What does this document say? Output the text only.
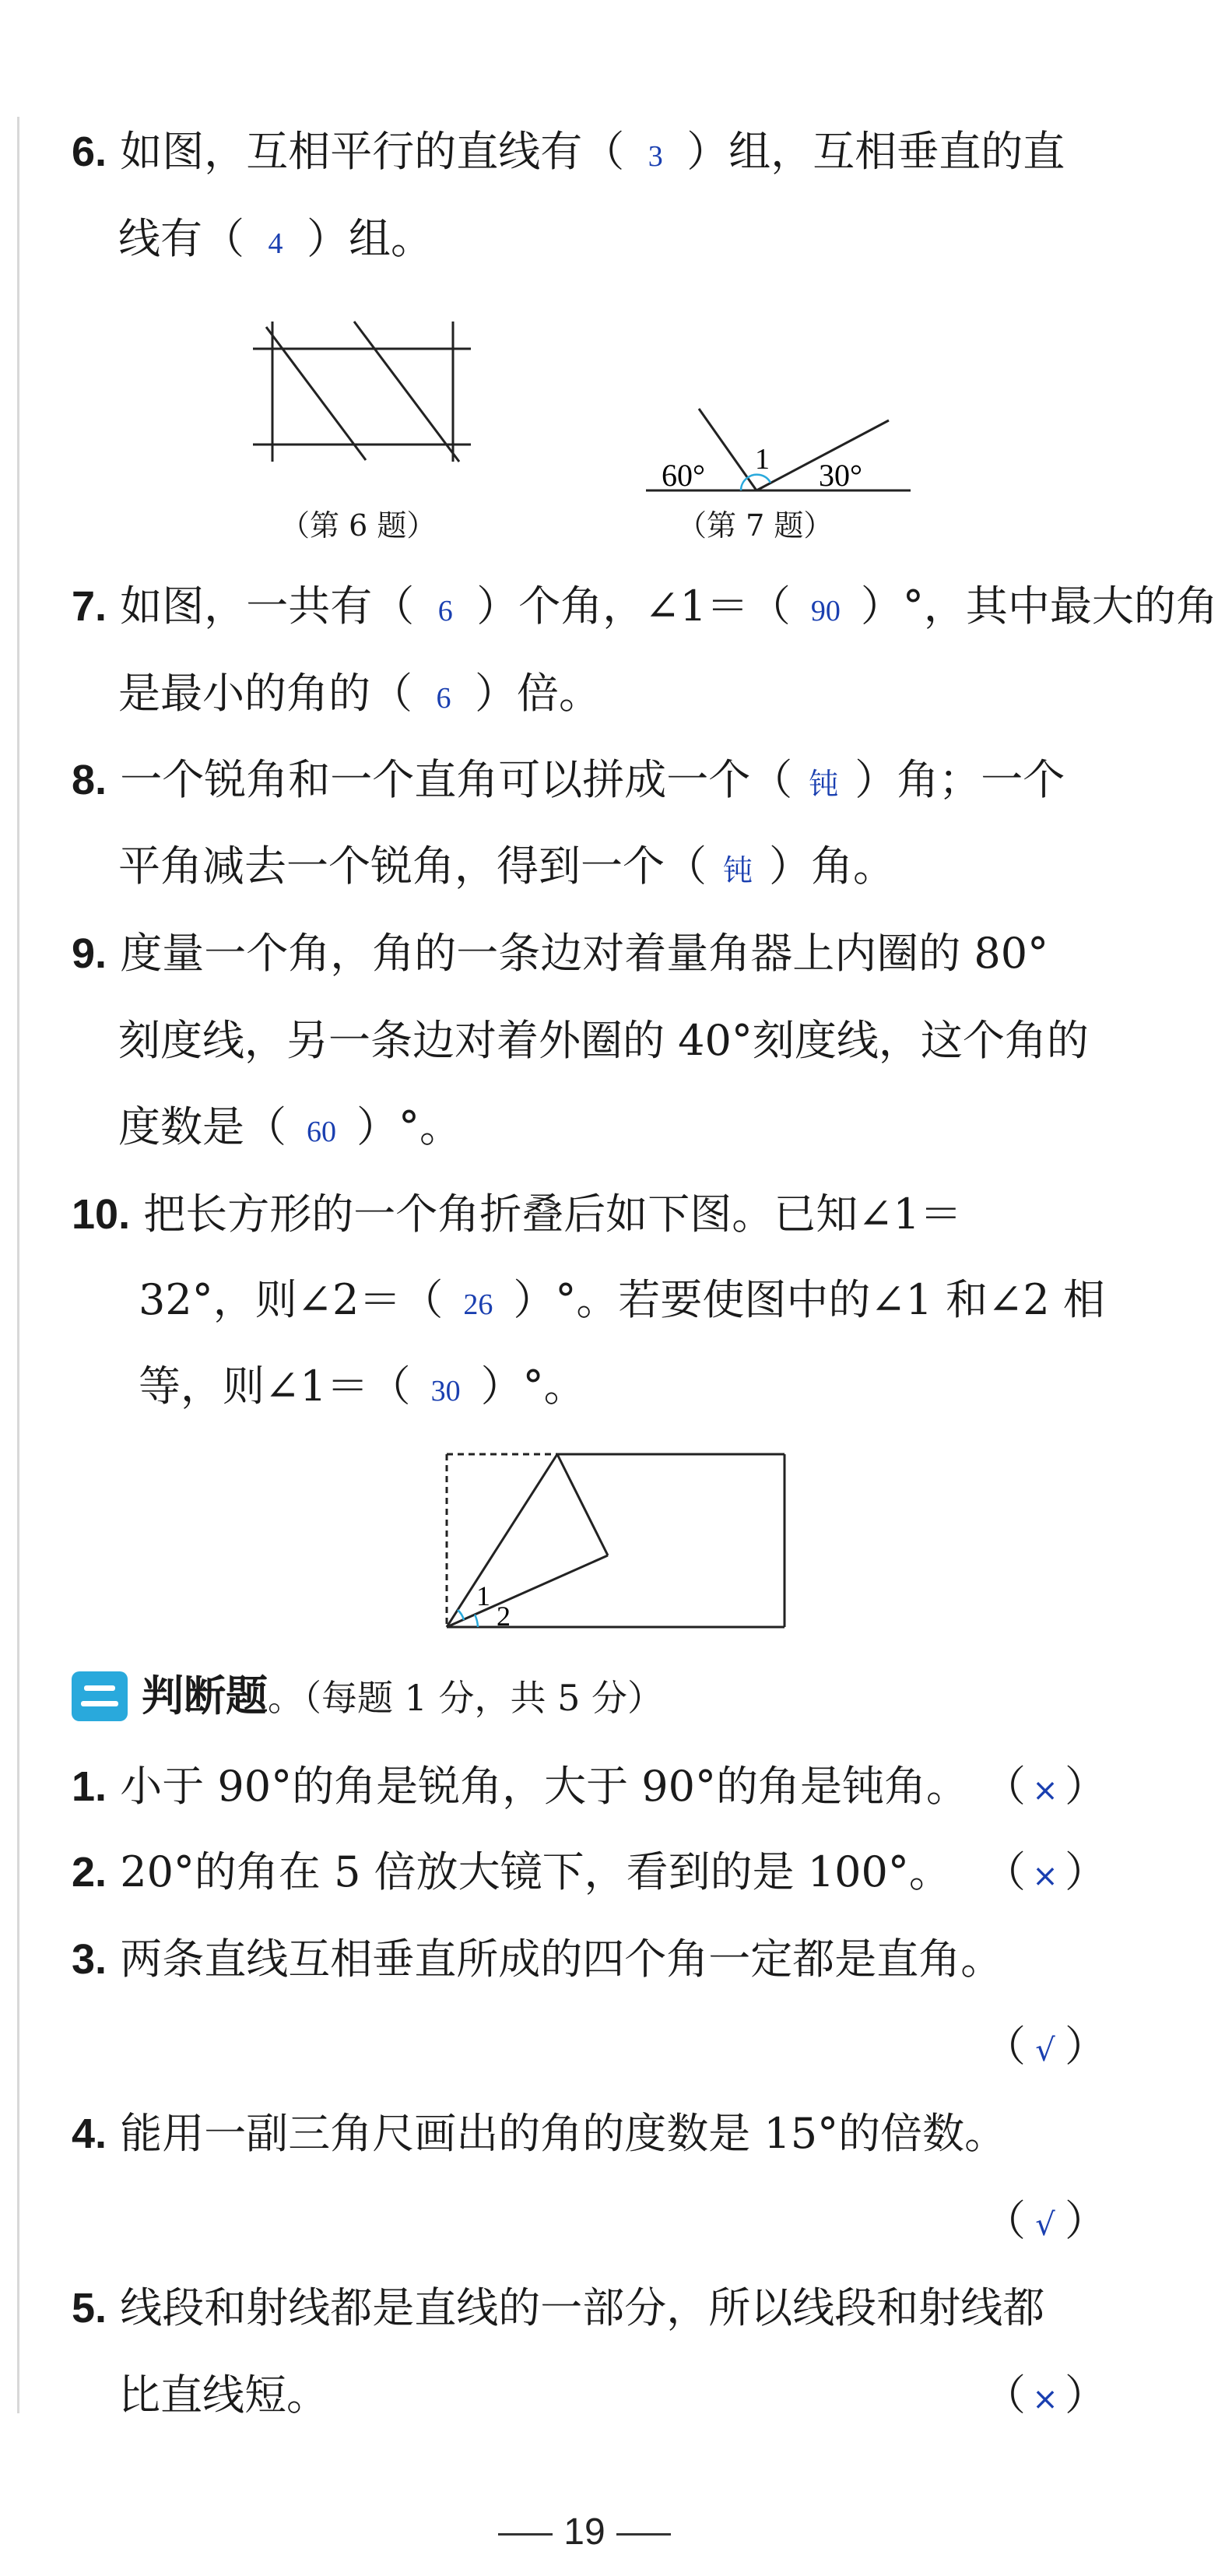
6. 如图，互相平行的直线有（ 3 ）组，互相垂直的直
线有（ 4 ）组。
（第 6 题）
60° 1 30°
（第 7 题）
7. 如图，一共有（ 6 ）个角，∠1＝（ 90 ）°，其中最大的角
是最小的角的（ 6 ）倍。
8. 一个锐角和一个直角可以拼成一个（ 钝 ）角；一个
平角减去一个锐角，得到一个（ 钝 ）角。
9. 度量一个角，角的一条边对着量角器上内圈的 80°
刻度线，另一条边对着外圈的 40°刻度线，这个角的
度数是（ 60 ）°。
10. 把长方形的一个角折叠后如下图。已知∠1＝
32°，则∠2＝（ 26 ）°。若要使图中的∠1 和∠2 相
等，则∠1＝（ 30 ）°。
1
2
判断题。（每题 1 分，共 5 分）
1. 小于 90°的角是锐角，大于 90°的角是钝角。 （ × ）
2. 20°的角在 5 倍放大镜下，看到的是 100°。 （ × ）
3. 两条直线互相垂直所成的四个角一定都是直角。
（ √ ）
4. 能用一副三角尺画出的角的度数是 15°的倍数。
（ √ ）
5. 线段和射线都是直线的一部分，所以线段和射线都
比直线短。	（ × ）
19
